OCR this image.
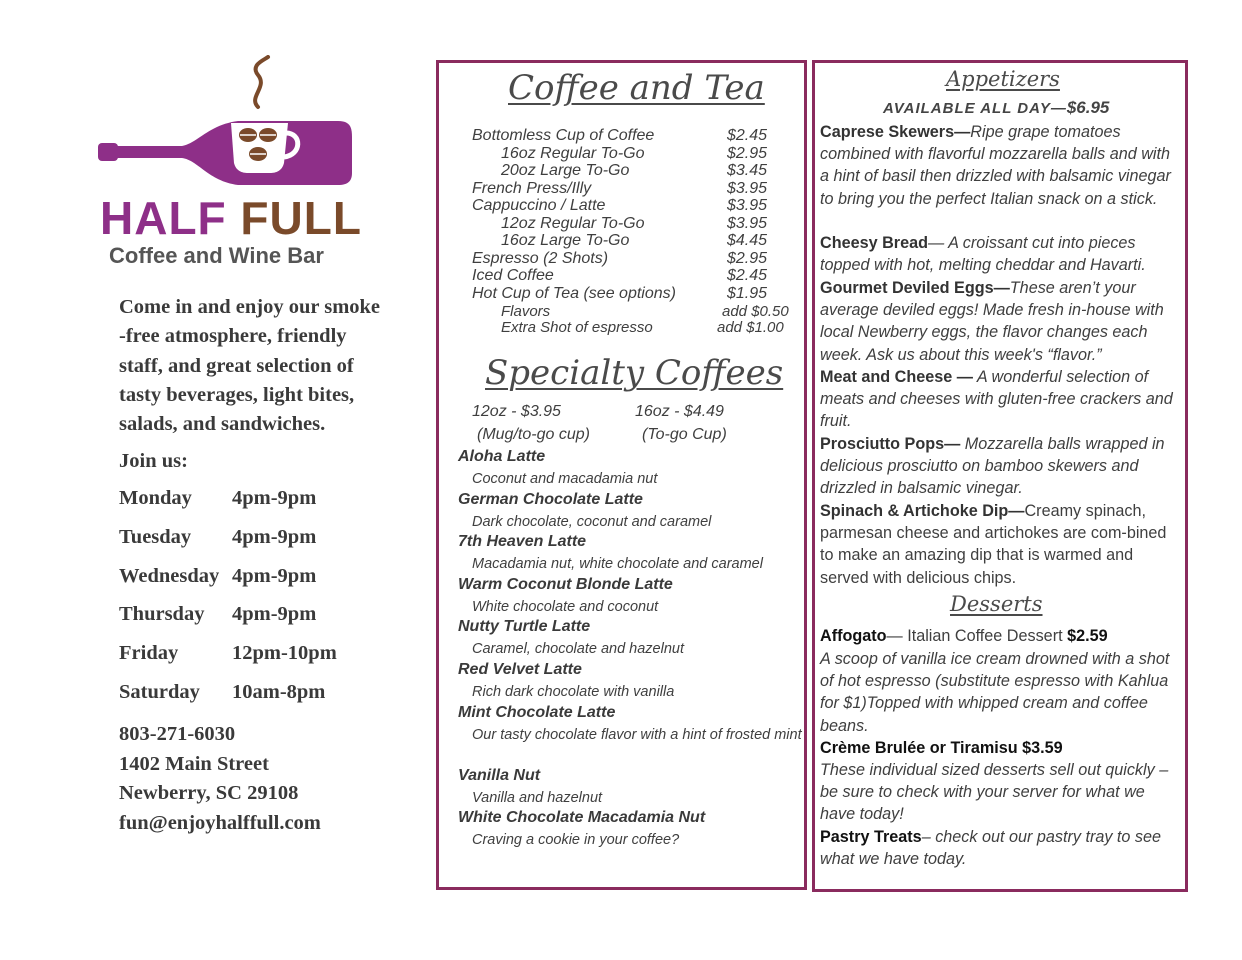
HALF FULL
Coffee and Wine Bar
Come in and enjoy our smoke
-free atmosphere, friendly
staff, and great selection of
tasty beverages, light bites,
salads, and sandwiches.
Join us:
Monday	4pm-9pm
Tuesday	4pm-9pm
Wednesday 4pm-9pm
Thursday	4pm-9pm
Friday	12pm-10pm
Saturday	10am-8pm
803-271-6030
1402 Main Street
Newberry, SC 29108
fun@enjoyhalffull.com
Coffee and Tea
Bottomless Cup of Coffee	$2.45
16oz Regular To-Go	$2.95
20oz Large To-Go	$3.45
French Press/Illy	$3.95
Cappuccino / Latte	$3.95
12oz Regular To-Go	$3.95
16oz Large To-Go	$4.45
Espresso (2 Shots)	$2.95
Iced Coffee	$2.45
Hot Cup of Tea (see options)	$1.95
Flavors	add $0.50
Extra Shot of espresso	add $1.00
Specialty Coffees
12oz - $3.95	16oz - $4.49
(Mug/to-go cup)	(To-go Cup)
Aloha Latte
Coconut and macadamia nut
German Chocolate Latte
Dark chocolate, coconut and caramel
7th Heaven Latte
Macadamia nut, white chocolate and caramel
Warm Coconut Blonde Latte
White chocolate and coconut
Nutty Turtle Latte
Caramel, chocolate and hazelnut
Red Velvet Latte
Rich dark chocolate with vanilla
Mint Chocolate Latte
Our tasty chocolate flavor with a hint of frosted mint
Vanilla Nut
Vanilla and hazelnut
White Chocolate Macadamia Nut
Craving a cookie in your coffee?
Appetizers
AVAILABLE ALL DAY—$6.95
Caprese Skewers—Ripe grape tomatoes combined with flavorful mozzarella balls and with a hint of basil then drizzled with balsamic vinegar to bring you the perfect Italian snack on a stick.
Cheesy Bread— A croissant cut into pieces topped with hot, melting cheddar and Havarti.
Gourmet Deviled Eggs—These aren’t your average deviled eggs! Made fresh in-house with local Newberry eggs, the flavor changes each week. Ask us about this week's “flavor.”
Meat and Cheese — A wonderful selection of meats and cheeses with gluten-free crackers and fruit.
Prosciutto Pops— Mozzarella balls wrapped in delicious prosciutto on bamboo skewers and drizzled in balsamic vinegar.
Spinach & Artichoke Dip—Creamy spinach, parmesan cheese and artichokes are com-bined to make an amazing dip that is warmed and served with delicious chips.
Desserts
Affogato— Italian Coffee Dessert $2.59
A scoop of vanilla ice cream drowned with a shot of hot espresso (substitute espresso with Kahlua for $1)Topped with whipped cream and coffee beans.
Crème Brulée or Tiramisu $3.59
These individual sized desserts sell out quickly – be sure to check with your server for what we have today!
Pastry Treats– check out our pastry tray to see what we have today.
